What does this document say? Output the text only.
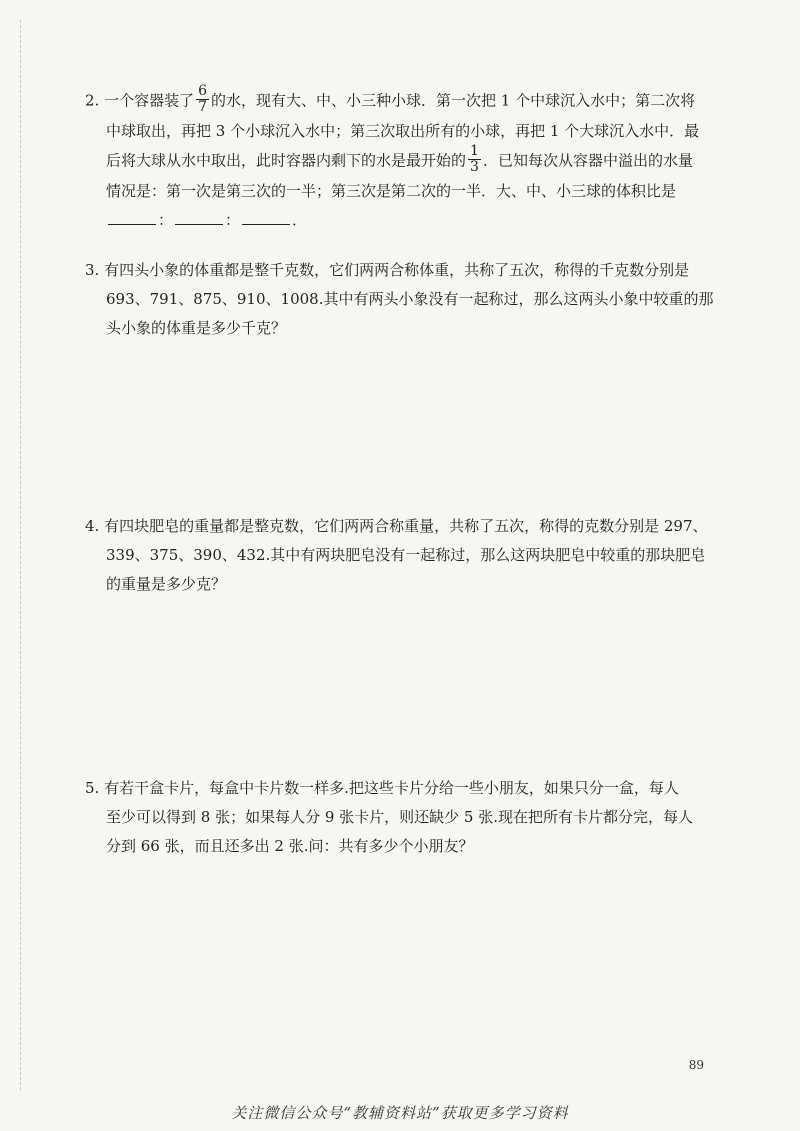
2. 一个容器装了 $\frac{6}{7}$ 的水，现有大、中、小三种小球．第一次把 1 个中球沉入水中；第二次将
中球取出，再把 3 个小球沉入水中；第三次取出所有的小球，再把 1 个大球沉入水中．最
后将大球从水中取出，此时容器内剩下的水是最开始的 $\frac{1}{3}$ ．已知每次从容器中溢出的水量
情况是：第一次是第三次的一半；第三次是第二次的一半．大、中、小三球的体积比是
：	：	．
3. 有四头小象的体重都是整千克数，它们两两合称体重，共称了五次，称得的千克数分别是
693、791、875、910、1008.其中有两头小象没有一起称过，那么这两头小象中较重的那
头小象的体重是多少千克？
4. 有四块肥皂的重量都是整克数，它们两两合称重量，共称了五次，称得的克数分别是 297、
339、375、390、432.其中有两块肥皂没有一起称过，那么这两块肥皂中较重的那块肥皂
的重量是多少克？
5. 有若干盒卡片，每盒中卡片数一样多.把这些卡片分给一些小朋友，如果只分一盒，每人
至少可以得到 8 张；如果每人分 9 张卡片，则还缺少 5 张.现在把所有卡片都分完，每人
分到 66 张，而且还多出 2 张.问：共有多少个小朋友？
89
关注微信公众号“教辅资料站”获取更多学习资料
